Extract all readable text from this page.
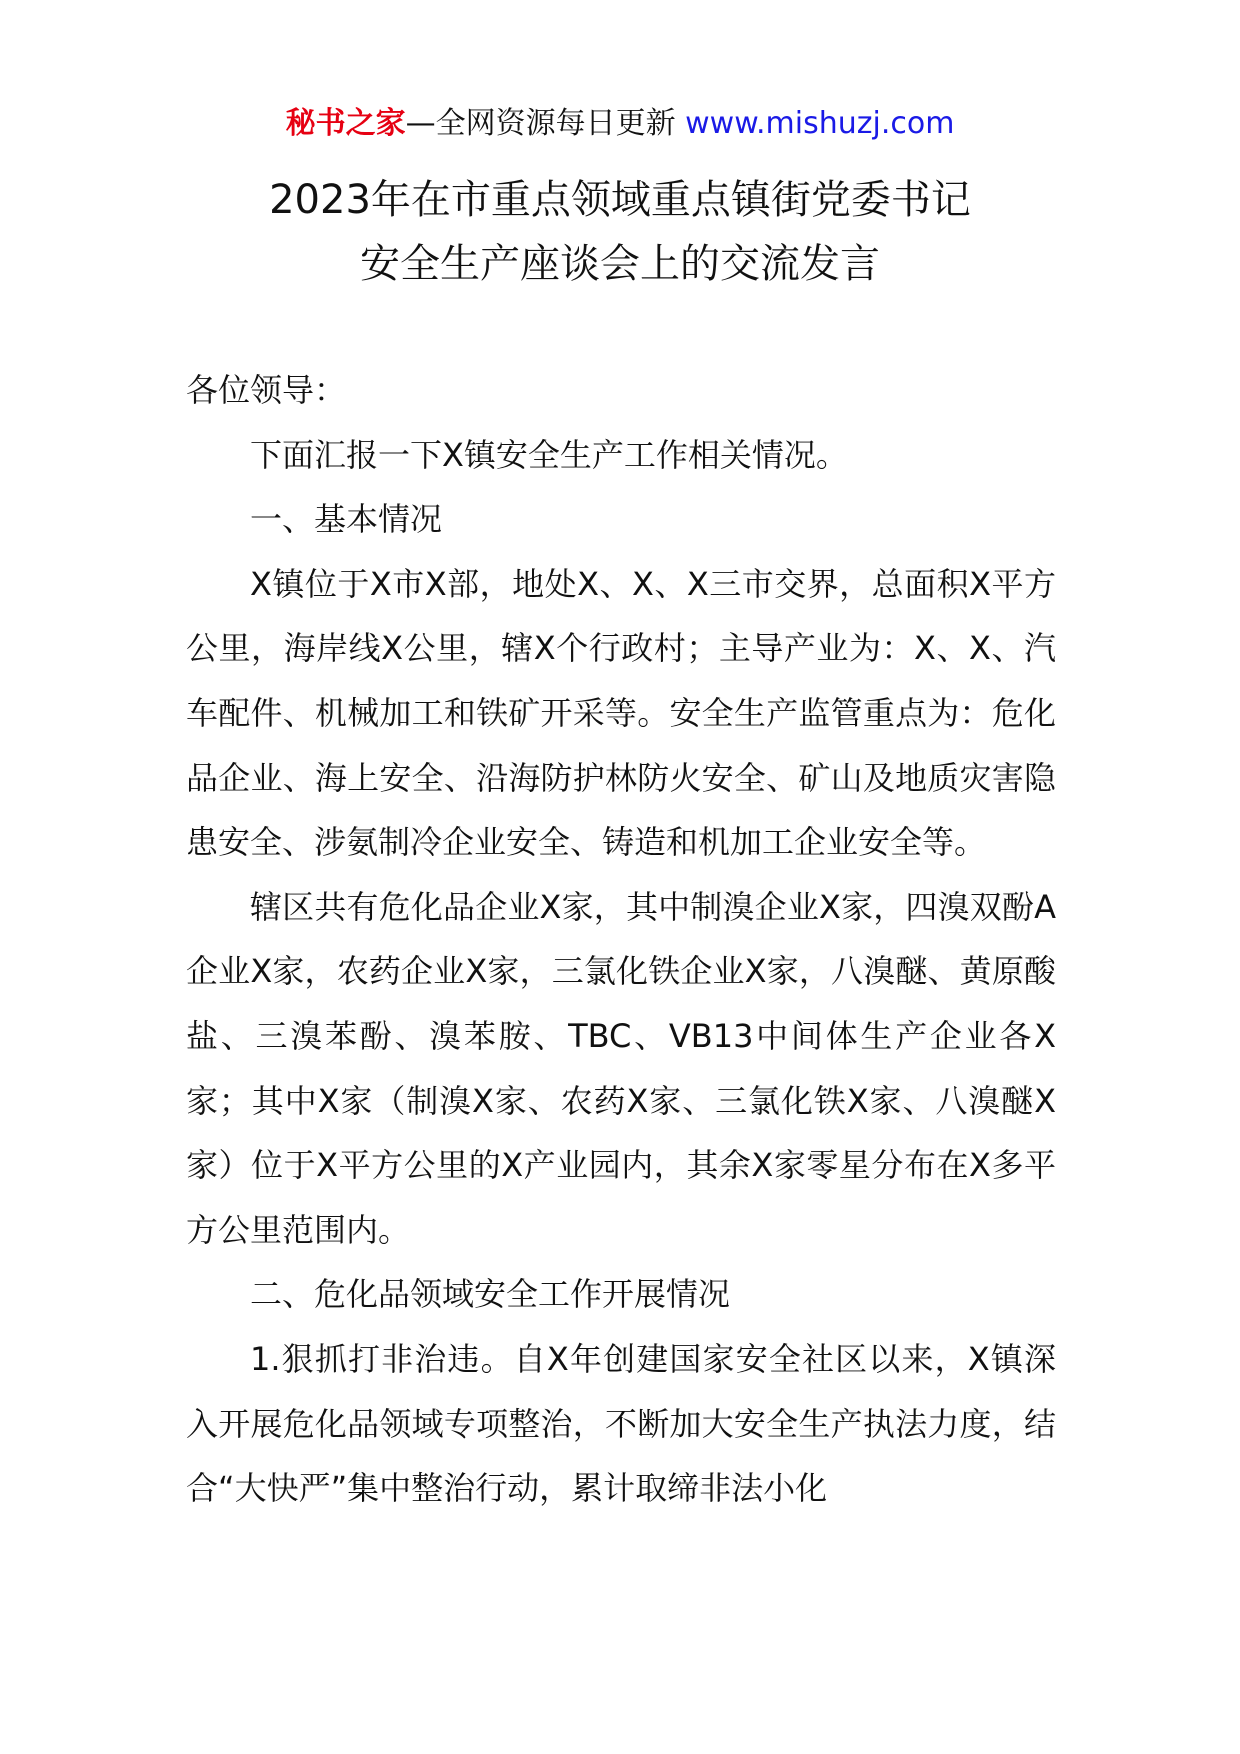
秘书之家—全网资源每日更新 www.mishuzj.com
2023年在市重点领域重点镇街党委书记
安全生产座谈会上的交流发言

各位领导：

下面汇报一下X镇安全生产工作相关情况。

一、基本情况

X镇位于X市X部，地处X、X、X三市交界，总面积X平方公里，海岸线X公里，辖X个行政村；主导产业为：X、X、汽车配件、机械加工和铁矿开采等。安全生产监管重点为：危化品企业、海上安全、沿海防护林防火安全、矿山及地质灾害隐患安全、涉氨制冷企业安全、铸造和机加工企业安全等。

辖区共有危化品企业X家，其中制溴企业X家，四溴双酚A企业X家，农药企业X家，三氯化铁企业X家，八溴醚、黄原酸盐、三溴苯酚、溴苯胺、TBC、VB13中间体生产企业各X家；其中X家（制溴X家、农药X家、三氯化铁X家、八溴醚X家）位于X平方公里的X产业园内，其余X家零星分布在X多平方公里范围内。

二、危化品领域安全工作开展情况

1.狠抓打非治违。自X年创建国家安全社区以来，X镇深入开展危化品领域专项整治，不断加大安全生产执法力度，结合“大快严”集中整治行动，累计取缔非法小化
